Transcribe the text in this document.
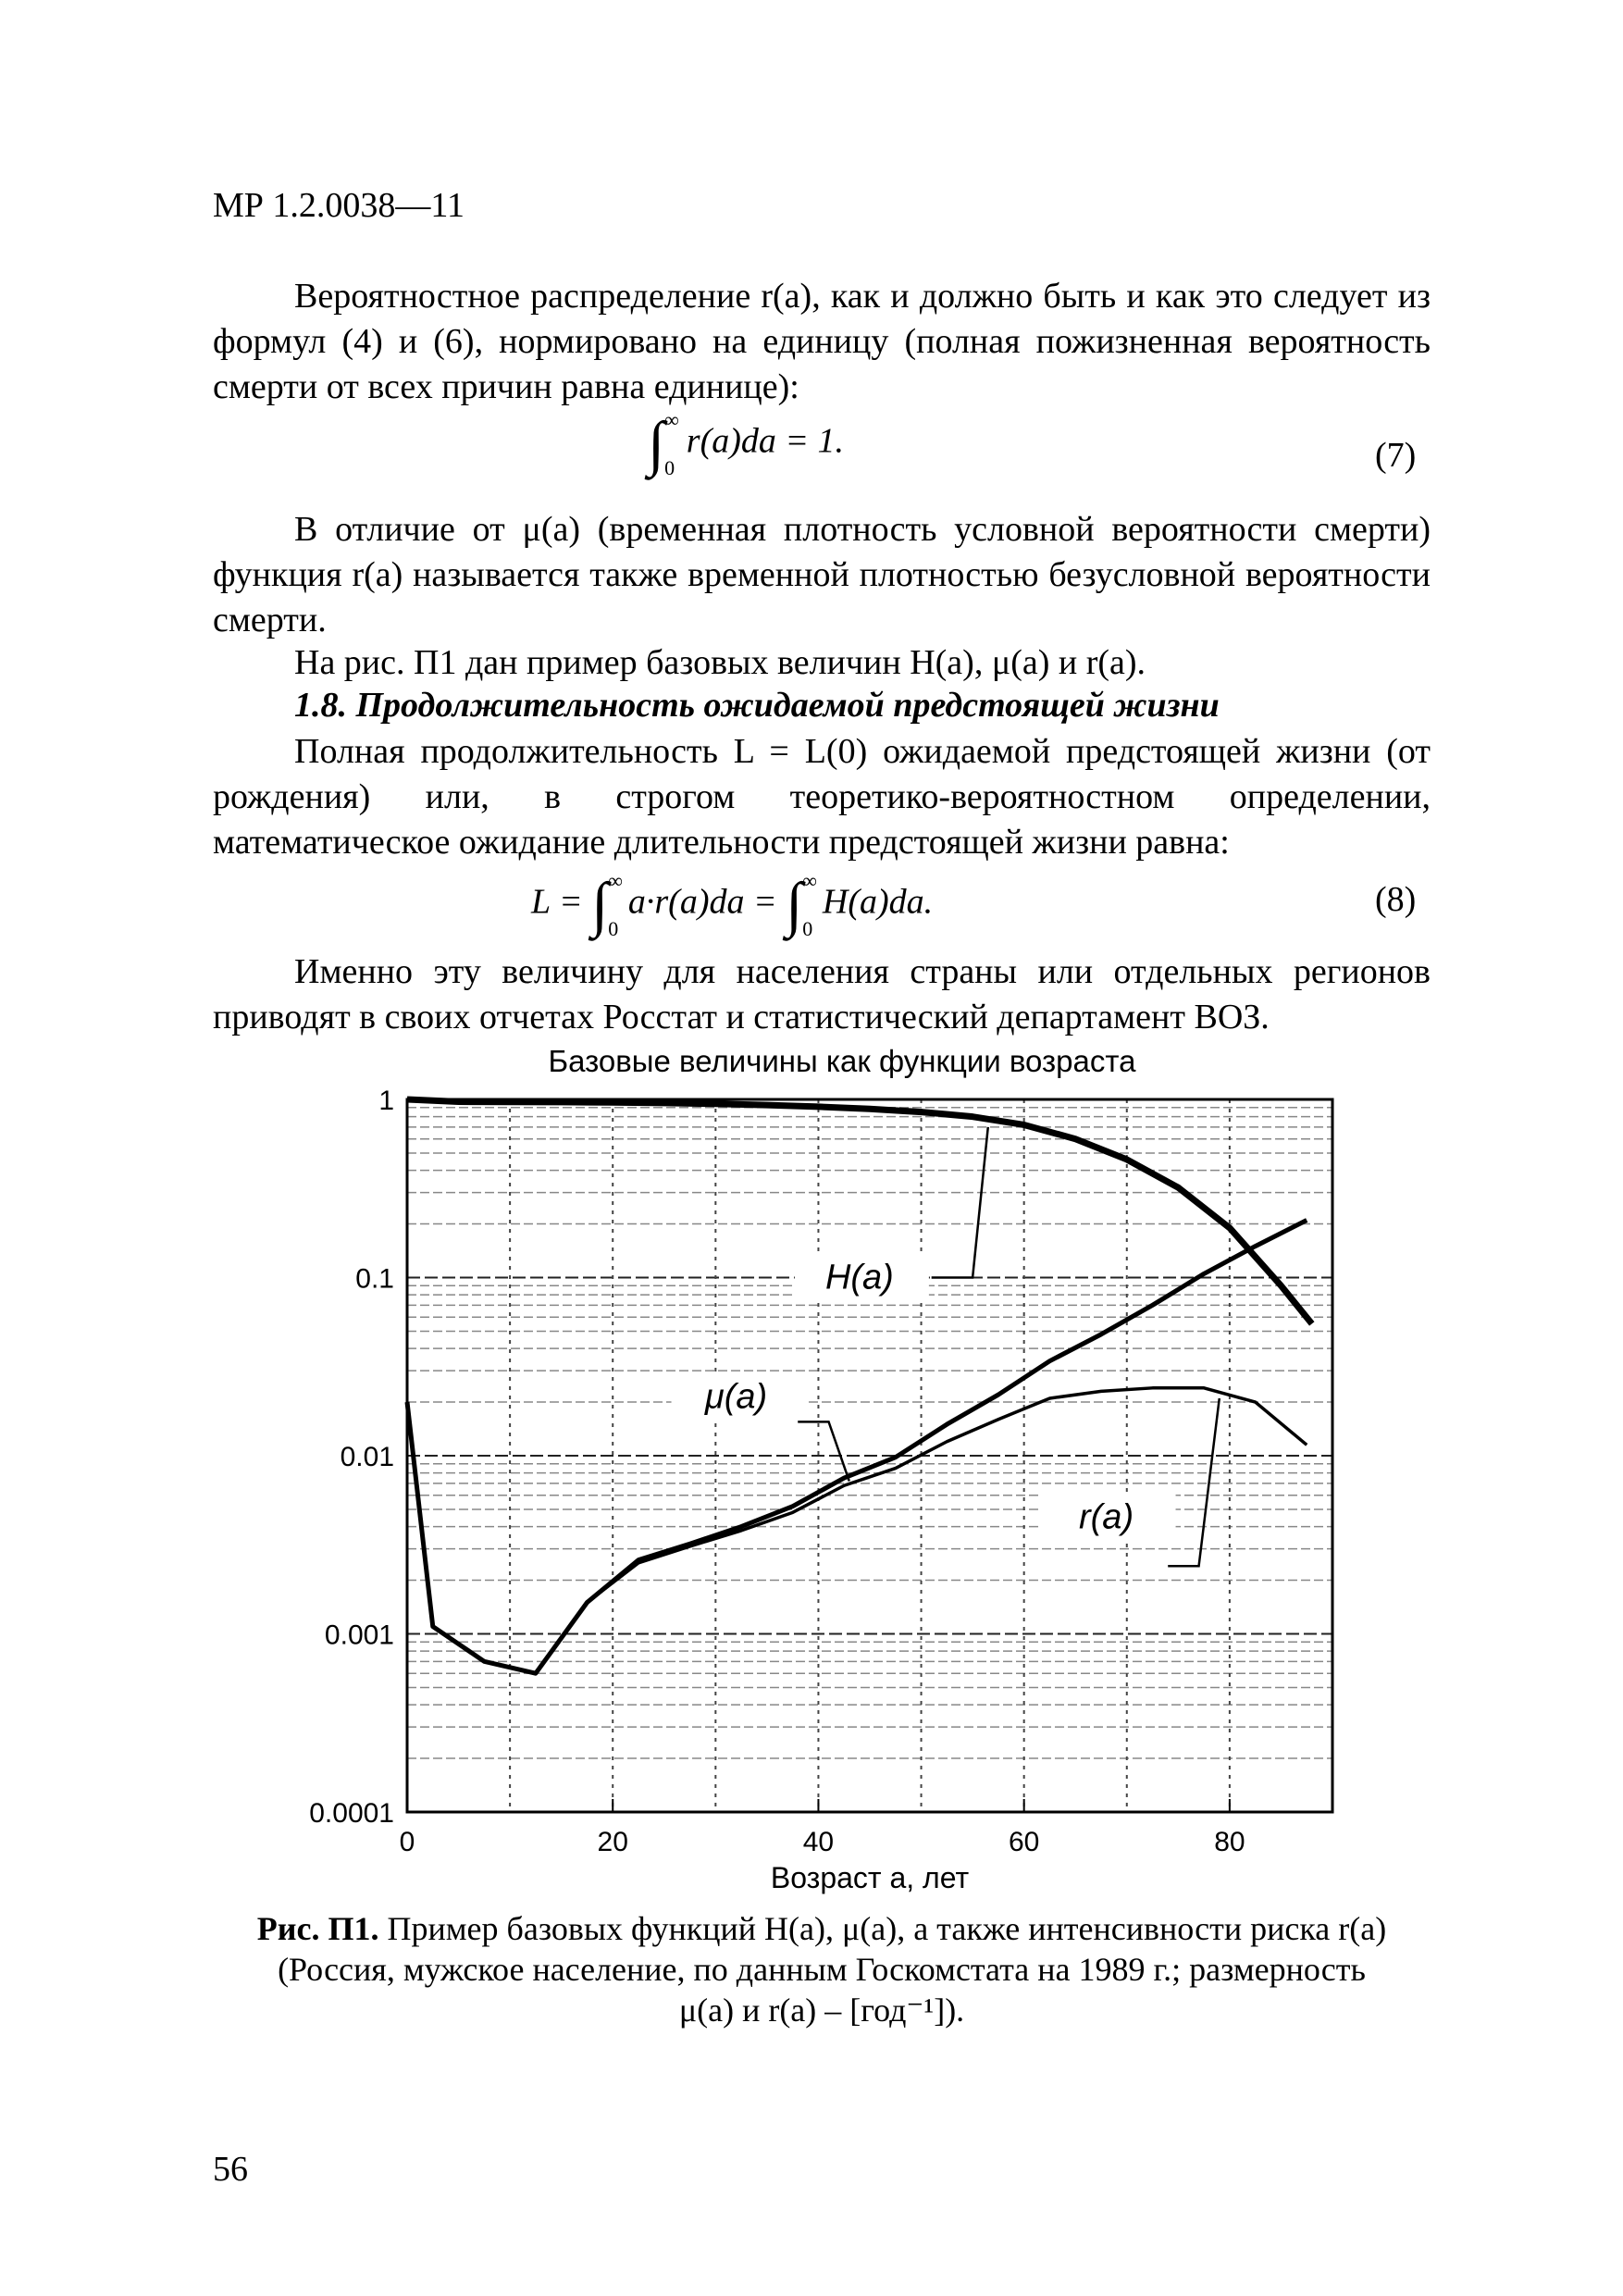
МР 1.2.0038—11
Вероятностное распределение r(a), как и должно быть и как это следует из формул (4) и (6), нормировано на единицу (полная пожизненная вероятность смерти от всех причин равна единице):
∫ ∞
0
r(a)da = 1.	(7)
В отличие от μ(a) (временная плотность условной вероятности смерти) функция r(a) называется также временной плотностью безусловной вероятности смерти.
На рис. П1 дан пример базовых величин H(a), μ(a) и r(a).
1.8. Продолжительность ожидаемой предстоящей жизни
Полная продолжительность L = L(0) ожидаемой предстоящей жизни (от рождения) или, в строгом теоретико-вероятностном определении, математическое ожидание длительности предстоящей жизни равна:
L = ∫ ∞
0
a·r(a)da = ∫ ∞
0
H(a)da.	(8)
Именно эту величину для населения страны или отдельных регионов приводят в своих отчетах Росстат и статистический департамент ВОЗ.
Базовые величины как функции возраста
0	20	40	60	80
1
0.1
0.01
0.001
0.0001
H(a)
μ(a)
r(a)
Возраст a, лет
Рис. П1. Пример базовых функций H(a), μ(a), а также интенсивности риска r(a)
(Россия, мужское население, по данным Госкомстата на 1989 г.; размерность
μ(a) и r(a) – [год⁻¹]).
56
